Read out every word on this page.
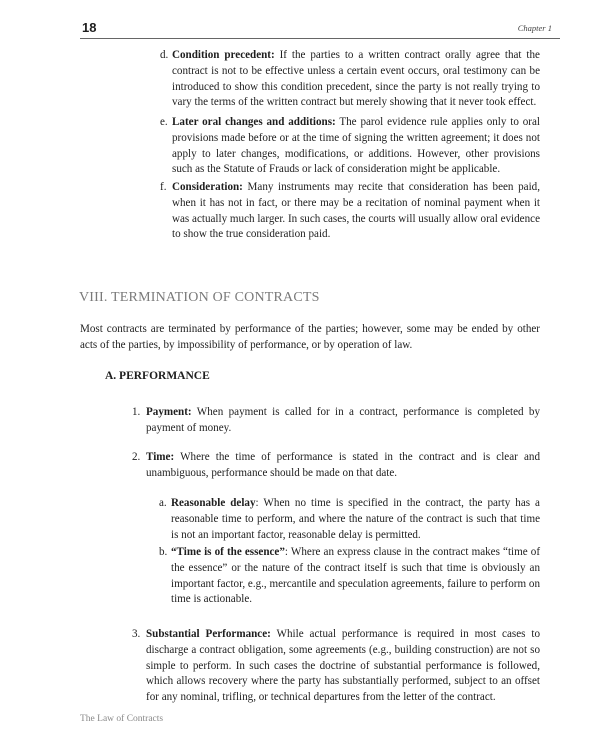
18	Chapter 1
d. Condition precedent: If the parties to a written contract orally agree that the contract is not to be effective unless a certain event occurs, oral testimony can be introduced to show this condition precedent, since the party is not really trying to vary the terms of the written contract but merely showing that it never took effect.
e. Later oral changes and additions: The parol evidence rule applies only to oral provisions made before or at the time of signing the written agreement; it does not apply to later changes, modifications, or additions. However, other provisions such as the Statute of Frauds or lack of consideration might be applicable.
f. Consideration: Many instruments may recite that consideration has been paid, when it has not in fact, or there may be a recitation of nominal payment when it was actually much larger. In such cases, the courts will usually allow oral evidence to show the true consideration paid.
VIII. TERMINATION OF CONTRACTS

Most contracts are terminated by performance of the parties; however, some may be ended by other acts of the parties, by impossibility of performance, or by operation of law.

A. PERFORMANCE
1. Payment: When payment is called for in a contract, performance is completed by payment of money.
2. Time: Where the time of performance is stated in the contract and is clear and unambiguous, performance should be made on that date.
a. Reasonable delay: When no time is specified in the contract, the party has a reasonable time to perform, and where the nature of the contract is such that time is not an important factor, reasonable delay is permitted.
b. “Time is of the essence”: Where an express clause in the contract makes “time of the essence” or the nature of the contract itself is such that time is obviously an important factor, e.g., mercantile and speculation agreements, failure to perform on time is actionable.
3. Substantial Performance: While actual performance is required in most cases to discharge a contract obligation, some agreements (e.g., building construction) are not so simple to perform. In such cases the doctrine of substantial performance is followed, which allows recovery where the party has substantially performed, subject to an offset for any nominal, trifling, or technical departures from the letter of the contract.
The Law of Contracts
